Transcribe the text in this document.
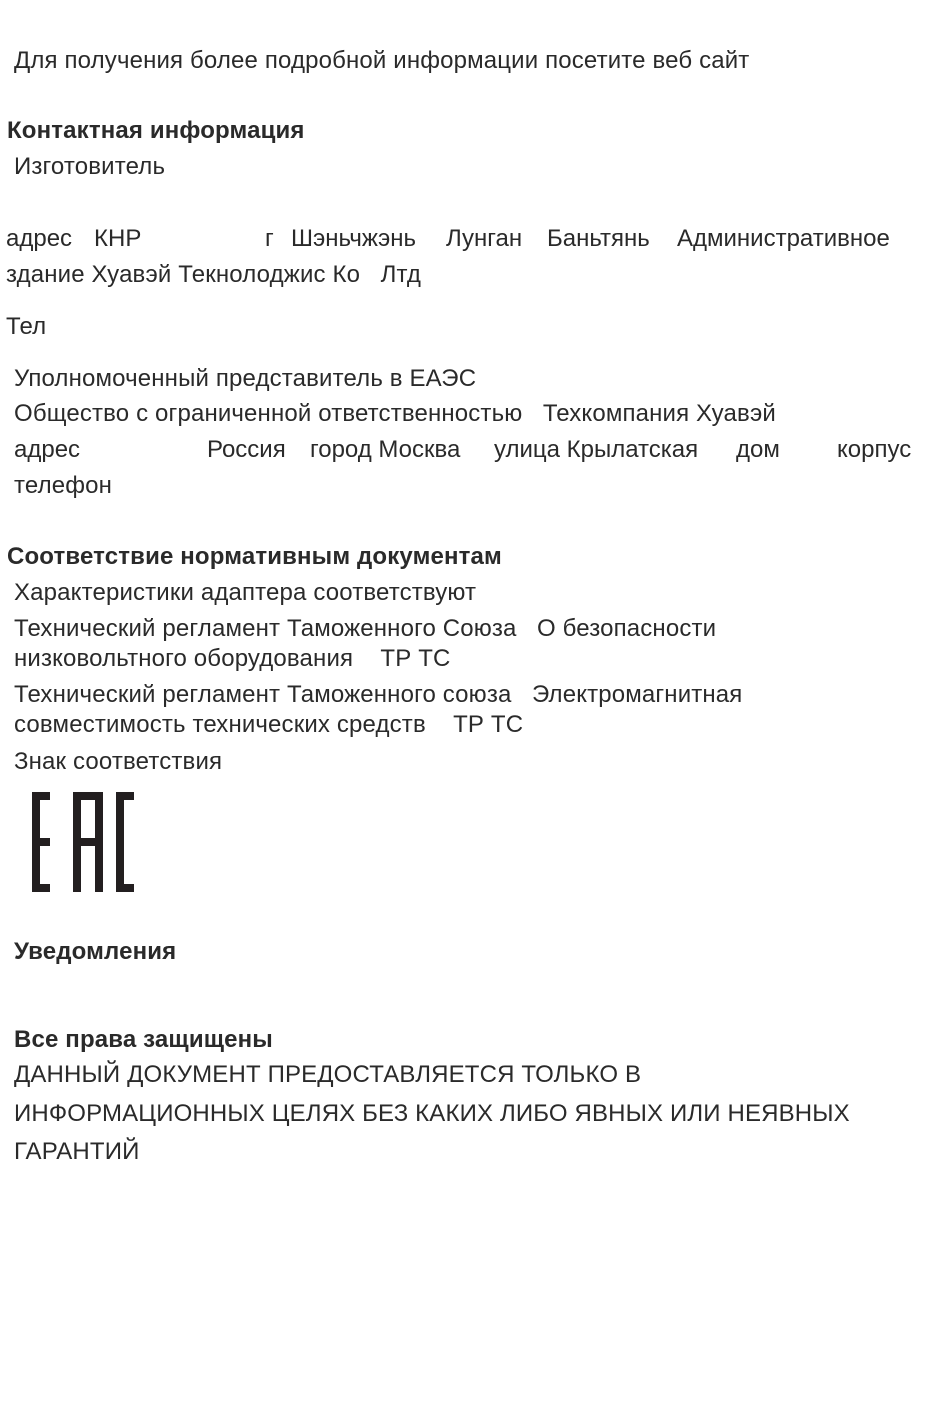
Для получения более подробной информации посетите веб сайт
Контактная информация
Изготовитель
адрес КНР	г Шэньчжэнь Лунган Баньтянь Административное
здание Хуавэй Текнолоджис Ко   Лтд
Тел
Уполномоченный представитель в ЕАЭС
Общество с ограниченной ответственностью   Техкомпания Хуавэй
адрес	Россия город Москва улица Крылатская дом корпус
телефон
Соответствие нормативным документам
Характеристики адаптера соответствуют
Технический регламент Таможенного Союза   О безопасности
низковольтного оборудования    ТР ТС
Технический регламент Таможенного союза   Электромагнитная
совместимость технических средств    ТР ТС
Знак соответствия
Уведомления
Все права защищены
ДАННЫЙ ДОКУМЕНТ ПРЕДОСТАВЛЯЕТСЯ ТОЛЬКО В
ИНФОРМАЦИОННЫХ ЦЕЛЯХ БЕЗ КАКИХ ЛИБО ЯВНЫХ ИЛИ НЕЯВНЫХ
ГАРАНТИЙ
